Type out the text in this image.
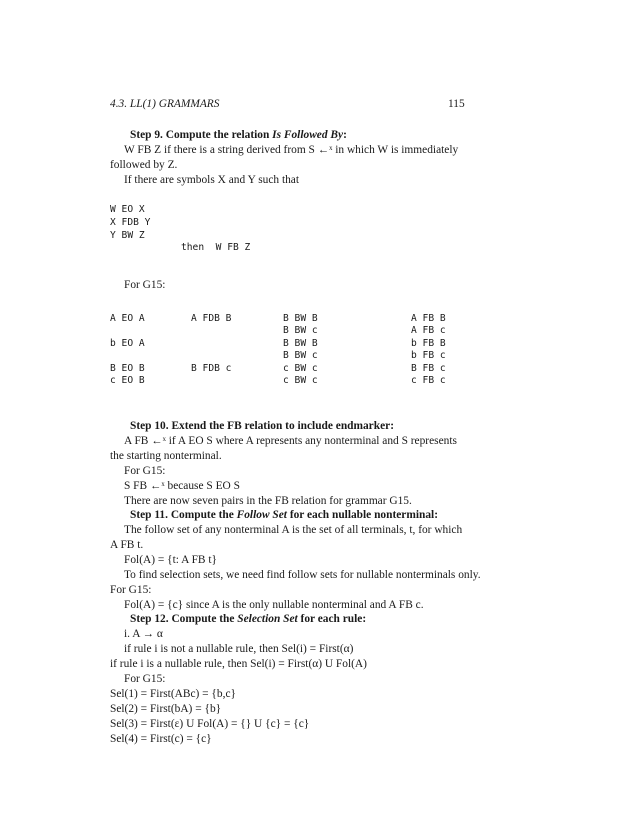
4.3. LL(1) GRAMMARS	115
Step 9. Compute the relation Is Followed By:
W FB Z if there is a string derived from S ←ˣ in which W is immediately
followed by Z.
If there are symbols X and Y such that
W EO X
X FDB Y
Y BW Z
then  W FB Z
For G15:
A EO A
b EO A
B EO B
c EO B
A FDB B
B FDB c
B BW B
B BW c
B BW B
B BW c
c BW c
c BW c
A FB B
A FB c
b FB B
b FB c
B FB c
c FB c
Step 10. Extend the FB relation to include endmarker:
A FB ←ˣ if A EO S where A represents any nonterminal and S represents
the starting nonterminal.
For G15:
S FB ←ˣ because S EO S
There are now seven pairs in the FB relation for grammar G15.
Step 11. Compute the Follow Set for each nullable nonterminal:
The follow set of any nonterminal A is the set of all terminals, t, for which
A FB t.
Fol(A) = {t: A FB t}
To find selection sets, we need find follow sets for nullable nonterminals only.
For G15:
Fol(A) = {c} since A is the only nullable nonterminal and A FB c.
Step 12. Compute the Selection Set for each rule:
i. A → α
if rule i is not a nullable rule, then Sel(i) = First(α)
if rule i is a nullable rule, then Sel(i) = First(α) U Fol(A)
For G15:
Sel(1) = First(ABc) = {b,c}
Sel(2) = First(bA) = {b}
Sel(3) = First(ε) U Fol(A) = {} U {c} = {c}
Sel(4) = First(c) = {c}
